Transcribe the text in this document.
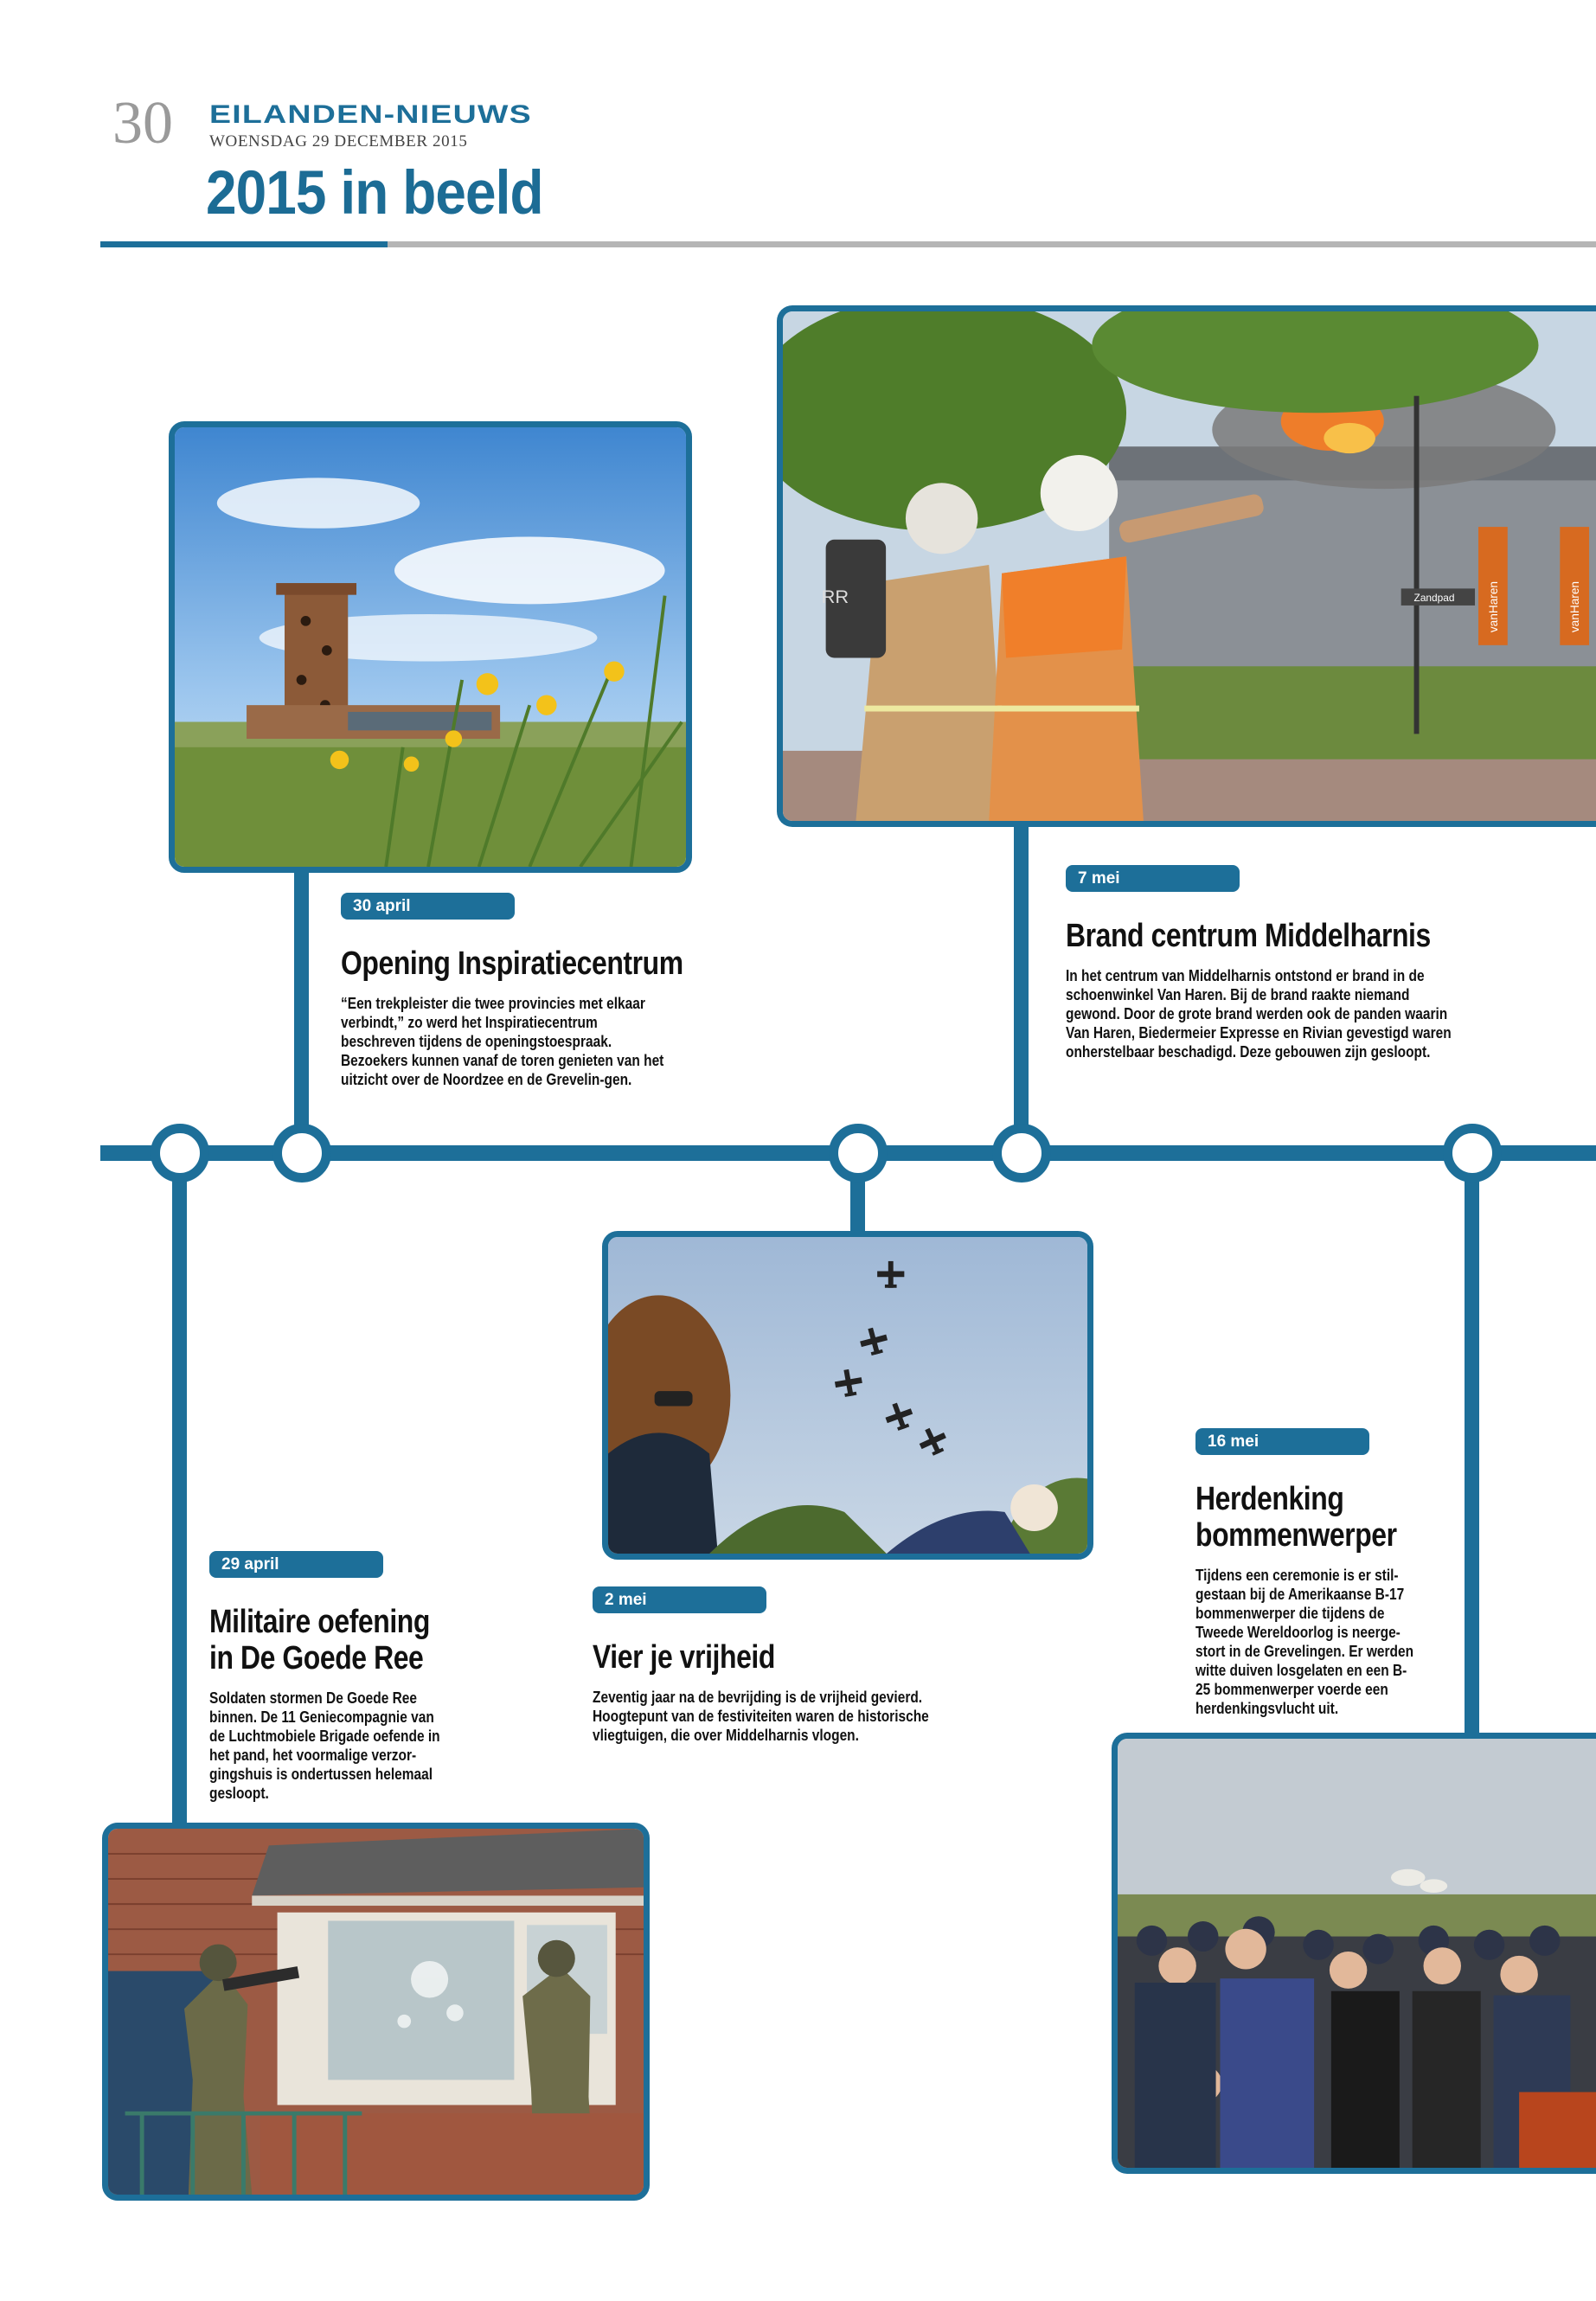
30 EILANDEN-NIEUWS
WOENSDAG 29 DECEMBER 2015
2015 in beeld
Zandpad	vanHaren	vanHaren
RR
30 april
Opening Inspiratiecentrum
“Een trekpleister die twee provincies met elkaar verbindt,” zo werd het Inspiratiecentrum beschreven tijdens de openingstoespraak. Bezoekers kunnen vanaf de toren genieten van het uitzicht over de Noordzee en de Grevelin-gen.
7 mei
Brand centrum Middelharnis
In het centrum van Middelharnis ontstond er brand in de schoenwinkel Van Haren. Bij de brand raakte niemand gewond. Door de grote brand werden ook de panden waarin Van Haren, Biedermeier Expresse en Rivian gevestigd waren onherstelbaar beschadigd. Deze gebouwen zijn gesloopt.
29 april
Militaire oefening
in De Goede Ree
Soldaten stormen De Goede Ree binnen. De 11 Geniecompagnie van de Luchtmobiele Brigade oefende in het pand, het voormalige verzor-gingshuis is ondertussen helemaal gesloopt.
2 mei
Vier je vrijheid
Zeventig jaar na de bevrijding is de vrijheid gevierd. Hoogtepunt van de festiviteiten waren de historische vliegtuigen, die over Middelharnis vlogen.
16 mei
Herdenking
bommenwerper
Tijdens een ceremonie is er stil-gestaan bij de Amerikaanse B-17 bommenwerper die tijdens de Tweede Wereldoorlog is neerge-stort in de Grevelingen. Er werden witte duiven losgelaten en een B-25 bommenwerper voerde een herdenkingsvlucht uit.
